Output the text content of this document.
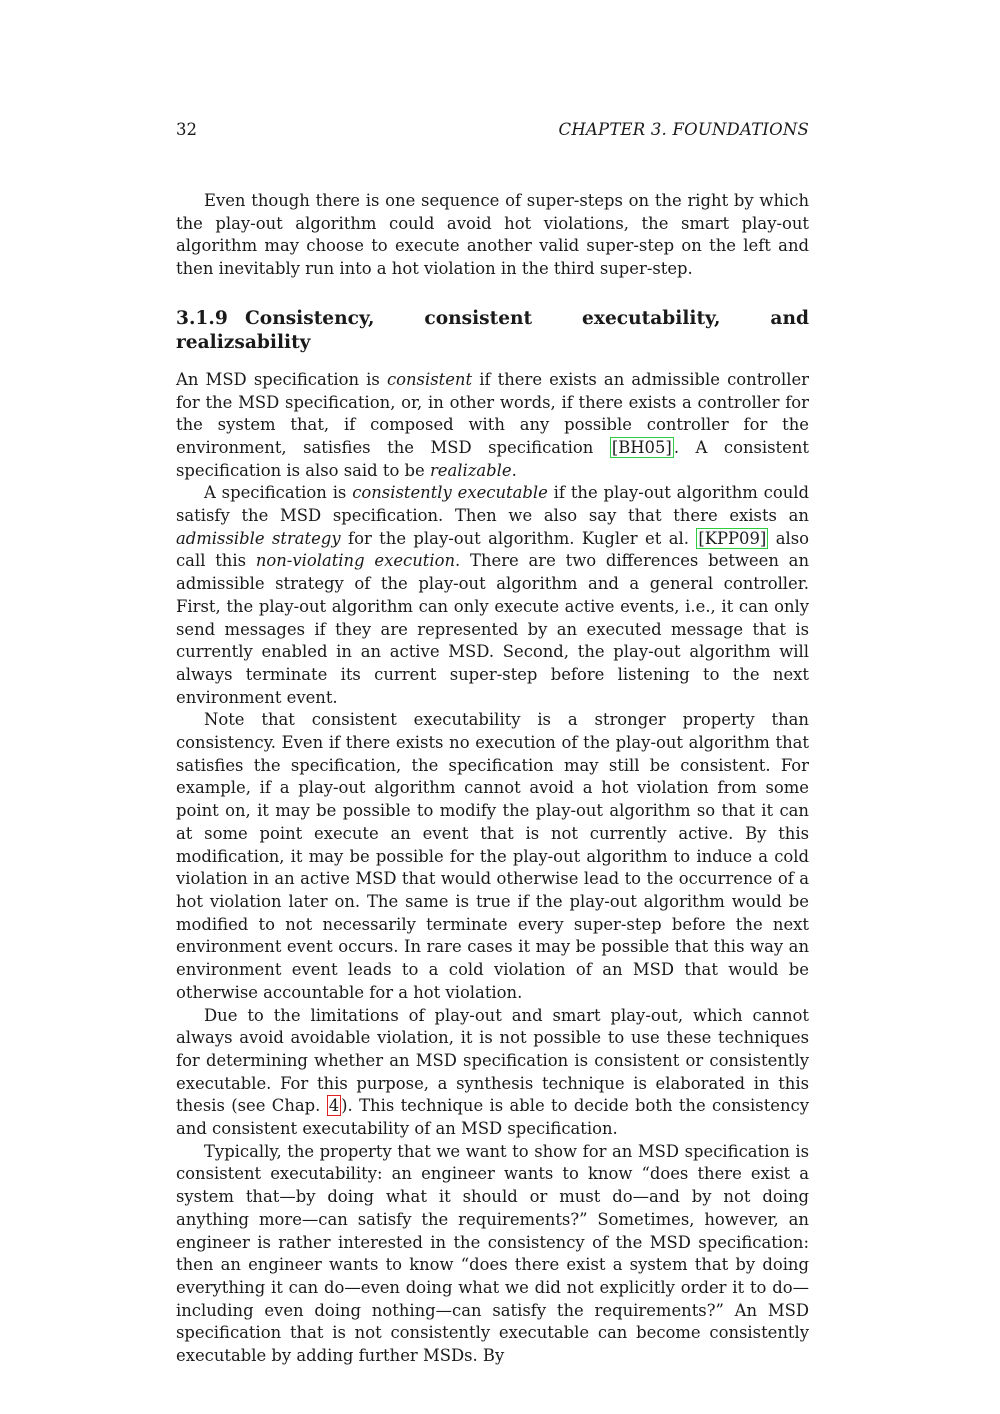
32	CHAPTER 3. FOUNDATIONS

Even though there is one sequence of super-steps on the right by which the play-out algorithm could avoid hot violations, the smart play-out algorithm may choose to execute another valid super-step on the left and then inevitably run into a hot violation in the third super-step.

3.1.9 Consistency, consistent executability, and realizsability

An MSD specification is consistent if there exists an admissible controller for the MSD specification, or, in other words, if there exists a controller for the system that, if composed with any possible controller for the environment, satisfies the MSD specification [BH05] . A consistent specification is also said to be realizable.

A specification is consistently executable if the play-out algorithm could satisfy the MSD specification. Then we also say that there exists an admissible strategy for the play-out algorithm. Kugler et al. [KPP09] also call this non-violating execution. There are two differences between an admissible strategy of the play-out algorithm and a general controller. First, the play-out algorithm can only execute active events, i.e., it can only send messages if they are represented by an executed message that is currently enabled in an active MSD. Second, the play-out algorithm will always terminate its current super-step before listening to the next environment event.

Note that consistent executability is a stronger property than consistency. Even if there exists no execution of the play-out algorithm that satisfies the specification, the specification may still be consistent. For example, if a play-out algorithm cannot avoid a hot violation from some point on, it may be possible to modify the play-out algorithm so that it can at some point execute an event that is not currently active. By this modification, it may be possible for the play-out algorithm to induce a cold violation in an active MSD that would otherwise lead to the occurrence of a hot violation later on. The same is true if the play-out algorithm would be modified to not necessarily terminate every super-step before the next environment event occurs. In rare cases it may be possible that this way an environment event leads to a cold violation of an MSD that would be otherwise accountable for a hot violation.

Due to the limitations of play-out and smart play-out, which cannot always avoid avoidable violation, it is not possible to use these techniques for determining whether an MSD specification is consistent or consistently executable. For this purpose, a synthesis technique is elaborated in this thesis (see Chap. 4 ). This technique is able to decide both the consistency and consistent executability of an MSD specification.

Typically, the property that we want to show for an MSD specification is consistent executability: an engineer wants to know “does there exist a system that—by doing what it should or must do—and by not doing anything more—can satisfy the requirements?” Sometimes, however, an engineer is rather interested in the consistency of the MSD specification: then an engineer wants to know “does there exist a system that by doing everything it can do—even doing what we did not explicitly order it to do—including even doing nothing—can satisfy the requirements?” An MSD specification that is not consistently executable can become consistently executable by adding further MSDs. By
